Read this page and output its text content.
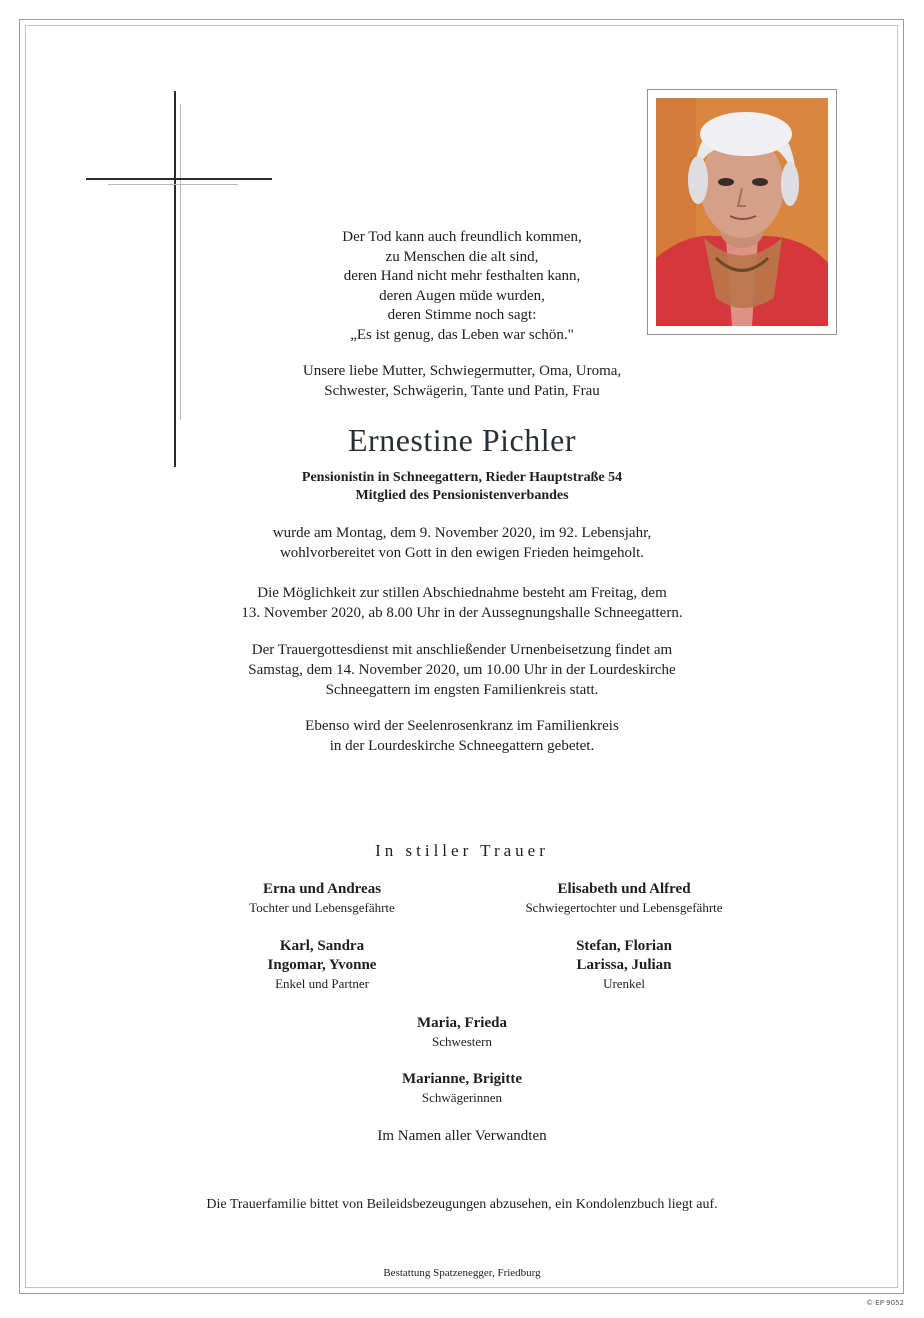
Der Tod kann auch freundlich kommen,
zu Menschen die alt sind,
deren Hand nicht mehr festhalten kann,
deren Augen müde wurden,
deren Stimme noch sagt:
„Es ist genug, das Leben war schön."
Unsere liebe Mutter, Schwiegermutter, Oma, Uroma,
Schwester, Schwägerin, Tante und Patin, Frau
Ernestine Pichler
Pensionistin in Schneegattern, Rieder Hauptstraße 54
Mitglied des Pensionistenverbandes
wurde am Montag, dem 9. November 2020, im 92. Lebensjahr,
wohlvorbereitet von Gott in den ewigen Frieden heimgeholt.
Die Möglichkeit zur stillen Abschiednahme besteht am Freitag, dem
13. November 2020, ab 8.00 Uhr in der Aussegnungshalle Schneegattern.
Der Trauergottesdienst mit anschließender Urnenbeisetzung findet am
Samstag, dem 14. November 2020, um 10.00 Uhr in der Lourdeskirche
Schneegattern im engsten Familienkreis statt.
Ebenso wird der Seelenrosenkranz im Familienkreis
in der Lourdeskirche Schneegattern gebetet.
In stiller Trauer
Erna und Andreas
Tochter und Lebensgefährte
Elisabeth und Alfred
Schwiegertochter und Lebensgefährte
Karl, Sandra
Ingomar, Yvonne
Enkel und Partner
Stefan, Florian
Larissa, Julian
Urenkel
Maria, Frieda
Schwestern
Marianne, Brigitte
Schwägerinnen
Im Namen aller Verwandten
Die Trauerfamilie bittet von Beileidsbezeugungen abzusehen, ein Kondolenzbuch liegt auf.
Bestattung Spatzenegger, Friedburg
© EP 9052
